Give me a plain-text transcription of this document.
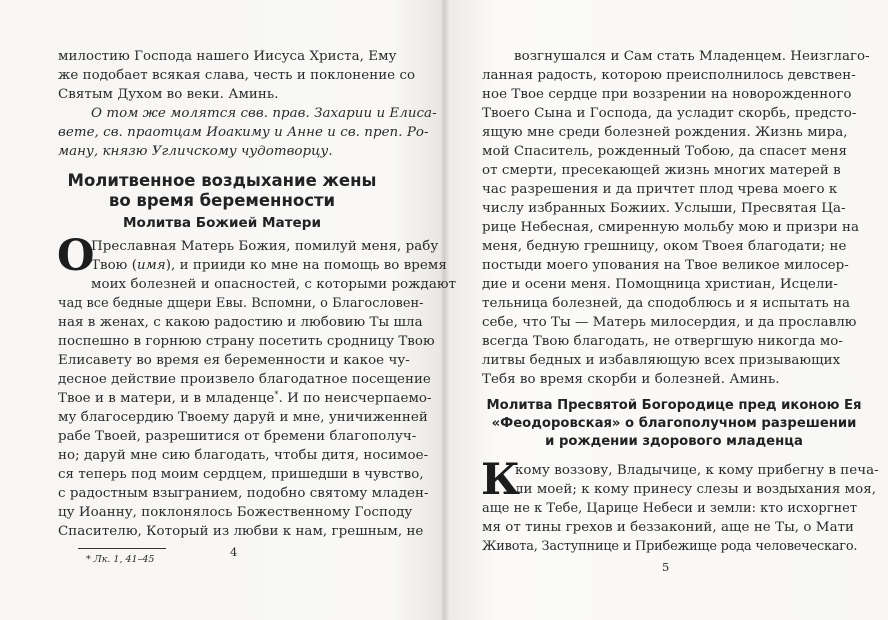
милостию Господа нашего Иисуса Христа, Ему
же подобает всякая слава, честь и поклонение со
Святым Духом во веки. Аминь.
О том же молятся свв. прав. Захарии и Елиса-
вете, св. праотцам Иоакиму и Анне и св. преп. Ро-
ману, князю Угличскому чудотворцу.
Молитвенное воздыхание жены
во время беременности
Молитва Божией Матери
О
Преславная Матерь Божия, помилуй меня, рабу
Твою (имя), и прииди ко мне на помощь во время
моих болезней и опасностей, с которыми рождают
чад все бедные дщери Евы. Вспомни, о Благословен-
ная в женах, с какою радостию и любовию Ты шла
поспешно в горнюю страну посетить сродницу Твою
Елисавету во время ея беременности и какое чу-
десное действие произвело благодатное посещение
Твое и в матери, и в младенце*. И по неисчерпаемо-
му благосердию Твоему даруй и мне, уничиженней
рабе Твоей, разрешитися от бремени благополуч-
но; даруй мне сию благодать, чтобы дитя, носимое-
ся теперь под моим сердцем, пришедши в чувство,
с радостным взыгранием, подобно святому младен-
цу Иоанну, поклонялось Божественному Господу
Спасителю, Который из любви к нам, грешным, не
* Лк. 1, 41–45
4
возгнушался и Сам стать Младенцем. Неизглаго-
ланная радость, которою преисполнилось девствен-
ное Твое сердце при воззрении на новорожденного
Твоего Сына и Господа, да усладит скорбь, предсто-
ящую мне среди болезней рождения. Жизнь мира,
мой Спаситель, рожденный Тобою, да спасет меня
от смерти, пресекающей жизнь многих матерей в
час разрешения и да причтет плод чрева моего к
числу избранных Божиих. Услыши, Пресвятая Ца-
рице Небесная, смиренную мольбу мою и призри на
меня, бедную грешницу, оком Твоея благодати; не
постыди моего упования на Твое великое милосер-
дие и осени меня. Помощница христиан, Исцели-
тельница болезней, да сподоблюсь и я испытать на
себе, что Ты — Матерь милосердия, и да прославлю
всегда Твою благодать, не отвергшую никогда мо-
литвы бедных и избавляющую всех призывающих
Тебя во время скорби и болезней. Аминь.
Молитва Пресвятой Богородице пред иконою Ея
«Феодоровская» о благополучном разрешении
и рождении здорового младенца
К
кому воззову, Владычице, к кому прибегну в печа-
ли моей; к кому принесу слезы и воздыхания моя,
аще не к Тебе, Царице Небеси и земли: кто исхоргнет
мя от тины грехов и беззаконий, аще не Ты, о Мати
Живота, Заступнице и Прибежище рода человеческаго.
5
